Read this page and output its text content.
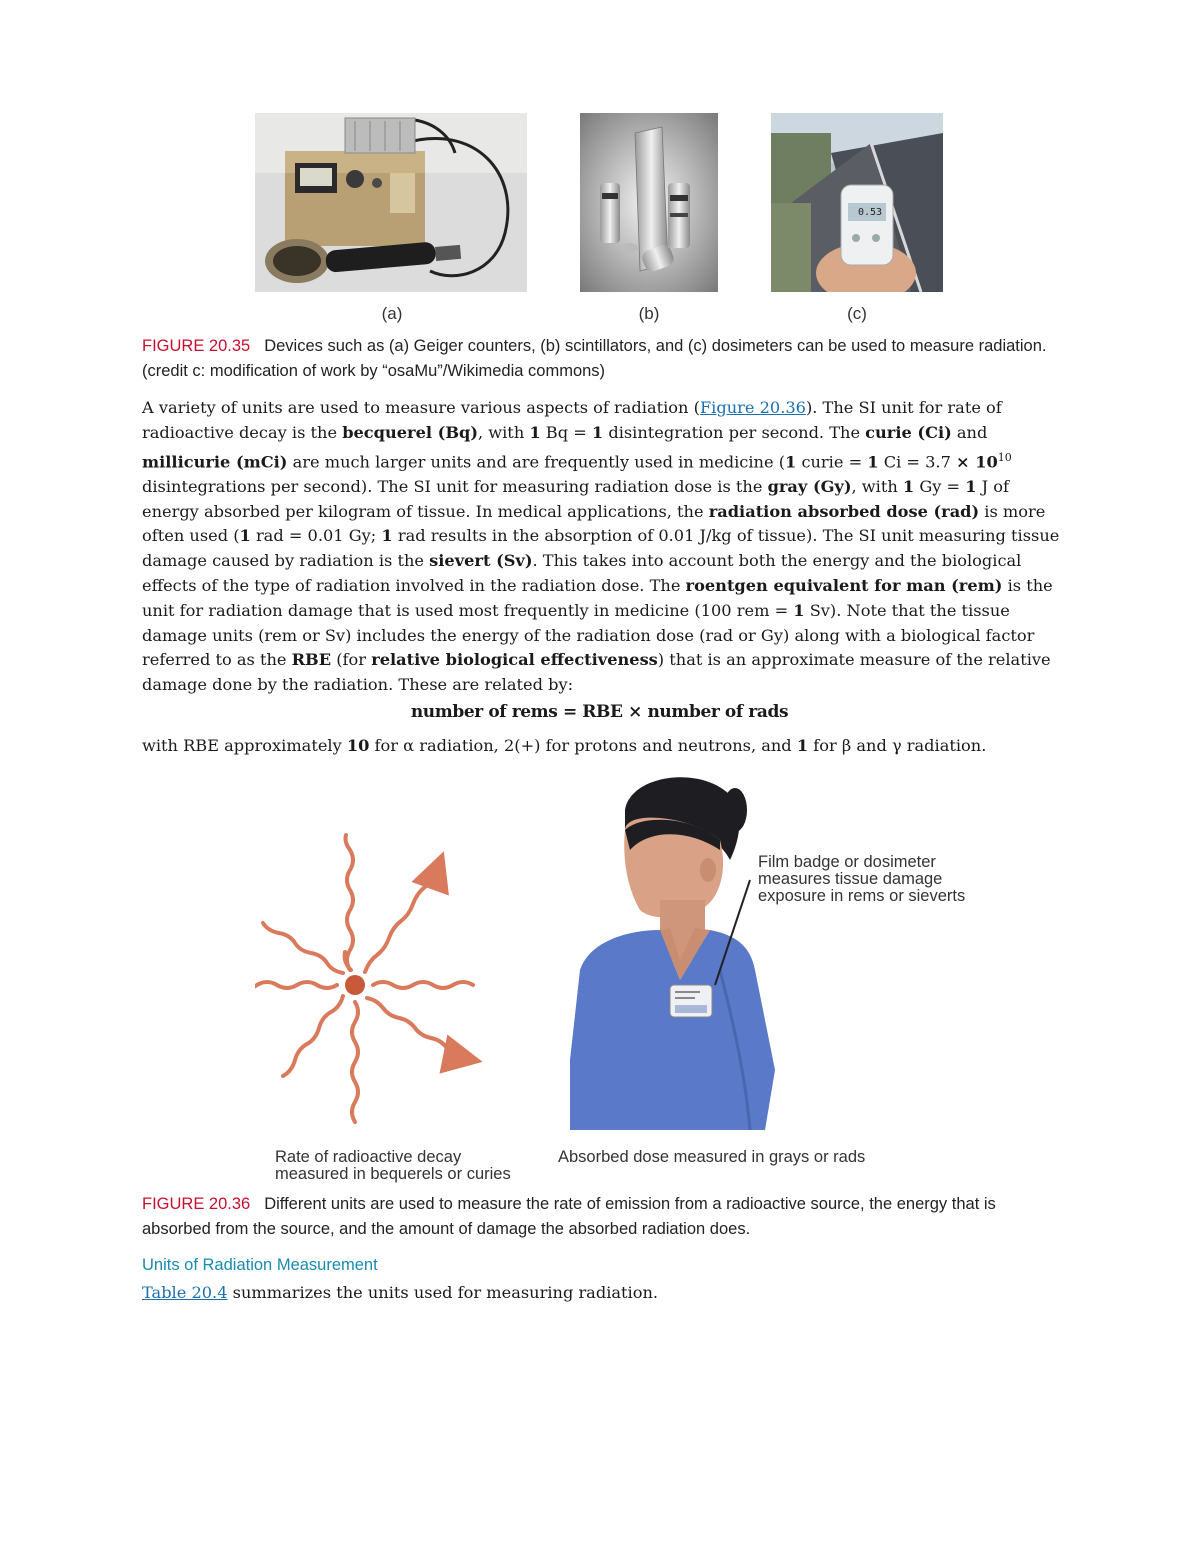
0.53
(a)	(b)	(c)
FIGURE 20.35 Devices such as (a) Geiger counters, (b) scintillators, and (c) dosimeters can be used to measure radiation. (credit c: modification of work by “osaMu”/Wikimedia commons)
A variety of units are used to measure various aspects of radiation (Figure 20.36). The SI unit for rate of radioactive decay is the becquerel (Bq), with 1 Bq = 1 disintegration per second. The curie (Ci) and millicurie (mCi) are much larger units and are frequently used in medicine (1 curie = 1 $Ci = 3.7 \times 10^{10}$ disintegrations per second). The SI unit for measuring radiation dose is the gray (Gy), with 1 Gy = 1 J of energy absorbed per kilogram of tissue. In medical applications, the radiation absorbed dose (rad) is more often used (1 rad = 0.01 Gy; 1 rad results in the absorption of 0.01 J/kg of tissue). The SI unit measuring tissue damage caused by radiation is the sievert (Sv). This takes into account both the energy and the biological effects of the type of radiation involved in the radiation dose. The roentgen equivalent for man (rem) is the unit for radiation damage that is used most frequently in medicine (100 rem = 1 Sv). Note that the tissue damage units (rem or Sv) includes the energy of the radiation dose (rad or Gy) along with a biological factor referred to as the RBE (for relative biological effectiveness) that is an approximate measure of the relative damage done by the radiation. These are related by:
number of rems = RBE × number of rads
with RBE approximately 10 for α radiation, 2(+) for protons and neutrons, and 1 for β and γ radiation.
Film badge or dosimeter
measures tissue damage
exposure in rems or sieverts
Rate of radioactive decay
measured in bequerels or curies
Absorbed dose measured in grays or rads
FIGURE 20.36 Different units are used to measure the rate of emission from a radioactive source, the energy that is absorbed from the source, and the amount of damage the absorbed radiation does.
Units of Radiation Measurement
Table 20.4 summarizes the units used for measuring radiation.
